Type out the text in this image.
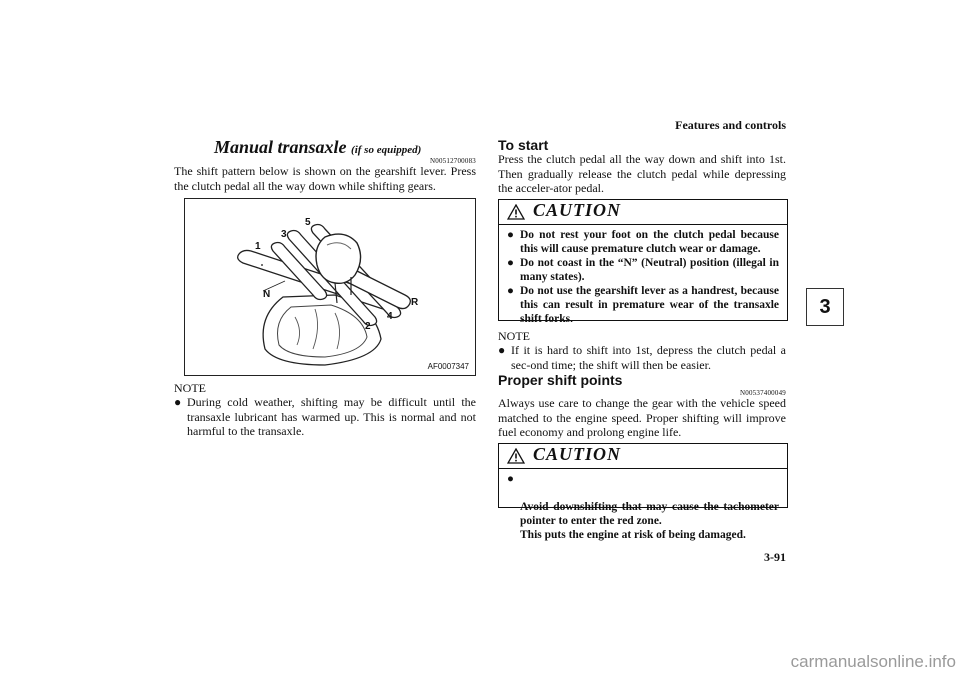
Features and controls
3
Manual transaxle (if so equipped)
N00512700083
The shift pattern below is shown on the gearshift lever. Press the clutch pedal all the way down while shifting gears.
1
3
5
N
R
2
4
AF0007347
NOTE
● During cold weather, shifting may be difficult until the transaxle lubricant has warmed up. This is normal and not harmful to the transaxle.
To start
Press the clutch pedal all the way down and shift into 1st. Then gradually release the clutch pedal while depressing the acceler-ator pedal.
CAUTION
● Do not rest your foot on the clutch pedal because this will cause premature clutch wear or damage.
● Do not coast in the “N” (Neutral) position (illegal in many states).
● Do not use the gearshift lever as a handrest, because this can result in premature wear of the transaxle shift forks.
NOTE
● If it is hard to shift into 1st, depress the clutch pedal a sec-ond time; the shift will then be easier.
Proper shift points
N00537400049
Always use care to change the gear with the vehicle speed matched to the engine speed. Proper shifting will improve fuel economy and prolong engine life.
CAUTION

●

Avoid downshifting that may cause the tachometer pointer to enter the red zone.
This puts the engine at risk of being damaged.

3-91
carmanualsonline.info
